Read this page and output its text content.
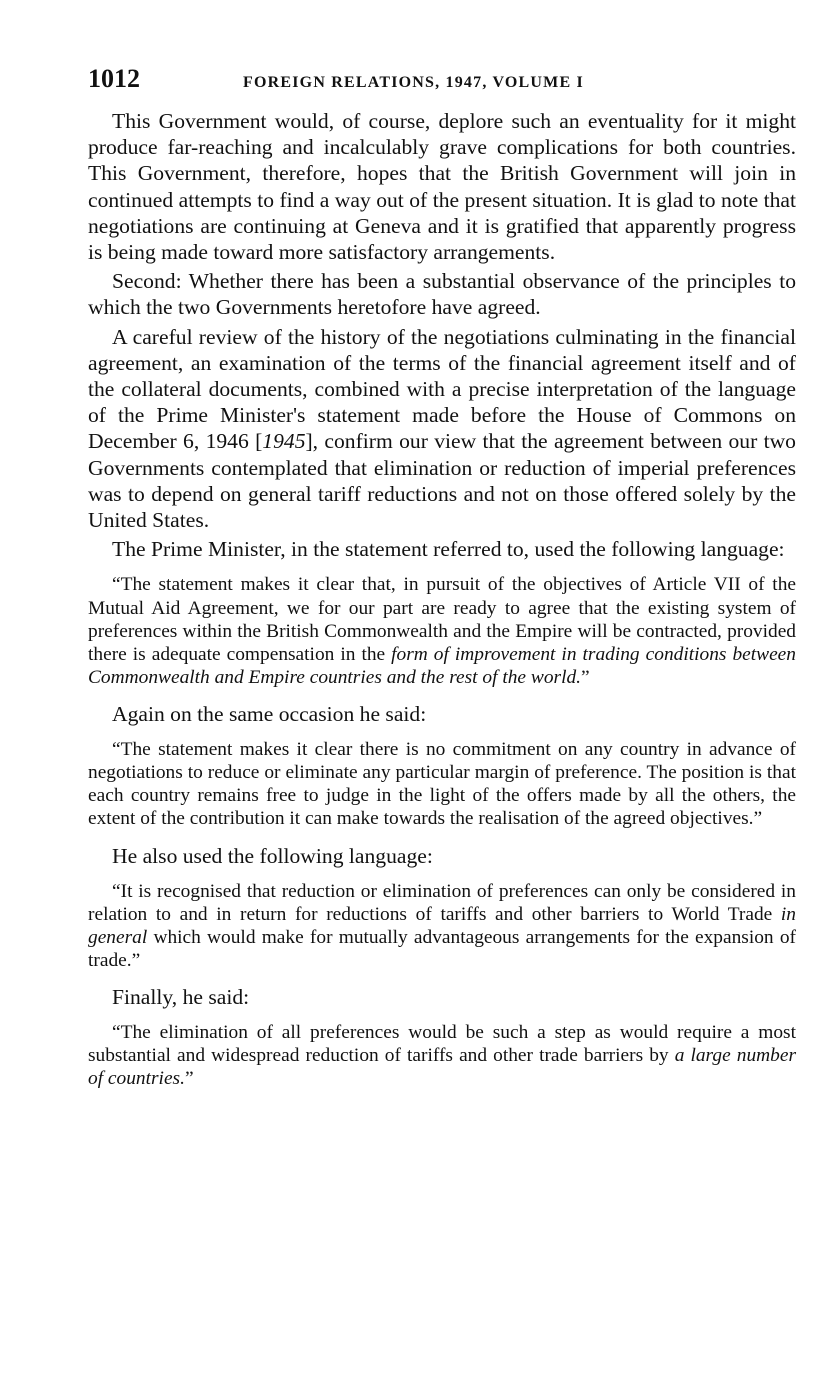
1012	FOREIGN RELATIONS, 1947, VOLUME I

This Government would, of course, deplore such an eventuality for it might produce far-reaching and incalculably grave complications for both countries. This Government, therefore, hopes that the British Government will join in continued attempts to find a way out of the present situation. It is glad to note that negotiations are continuing at Geneva and it is gratified that apparently progress is being made toward more satisfactory arrangements.

Second: Whether there has been a substantial observance of the principles to which the two Governments heretofore have agreed.

A careful review of the history of the negotiations culminating in the financial agreement, an examination of the terms of the financial agreement itself and of the collateral documents, combined with a precise interpretation of the language of the Prime Minister's statement made before the House of Commons on December 6, 1946 [1945], confirm our view that the agreement between our two Governments contemplated that elimination or reduction of imperial preferences was to depend on general tariff reductions and not on those offered solely by the United States.

The Prime Minister, in the statement referred to, used the following language:

“The statement makes it clear that, in pursuit of the objectives of Article VII of the Mutual Aid Agreement, we for our part are ready to agree that the existing system of preferences within the British Commonwealth and the Empire will be contracted, provided there is adequate compensation in the form of improvement in trading conditions between Commonwealth and Empire countries and the rest of the world.”

Again on the same occasion he said:

“The statement makes it clear there is no commitment on any country in advance of negotiations to reduce or eliminate any particular margin of preference. The position is that each country remains free to judge in the light of the offers made by all the others, the extent of the contribution it can make towards the realisation of the agreed objectives.”

He also used the following language:

“It is recognised that reduction or elimination of preferences can only be considered in relation to and in return for reductions of tariffs and other barriers to World Trade in general which would make for mutually advantageous arrangements for the expansion of trade.”

Finally, he said:

“The elimination of all preferences would be such a step as would require a most substantial and widespread reduction of tariffs and other trade barriers by a large number of countries.”
